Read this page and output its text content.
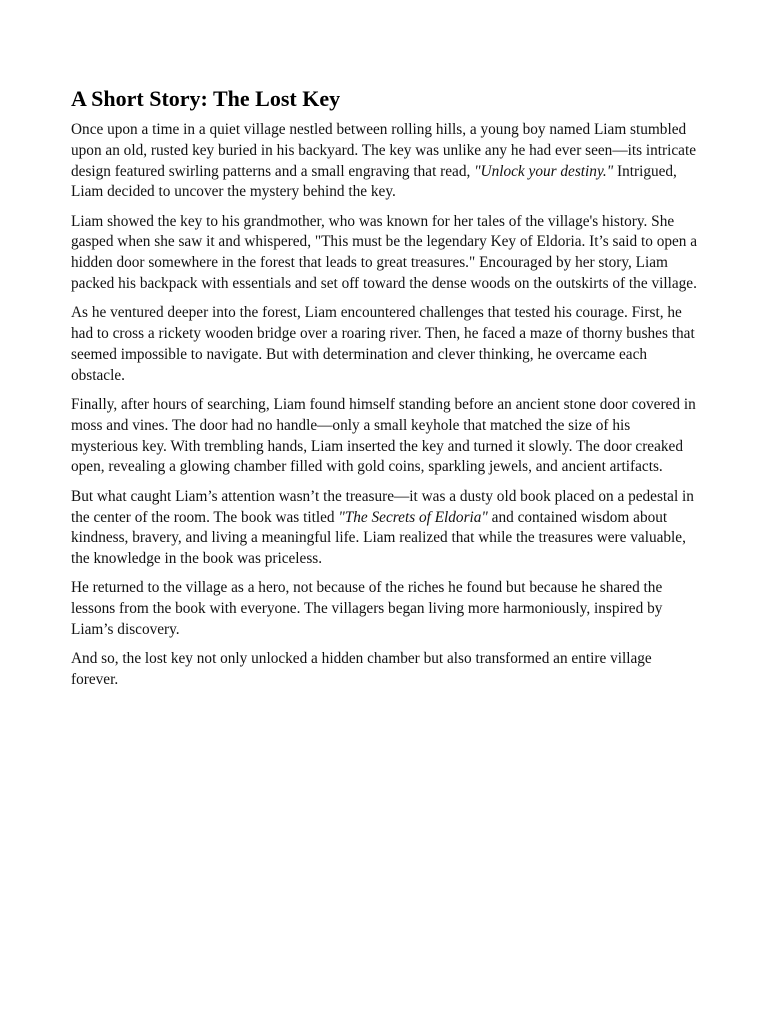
A Short Story: The Lost Key

Once upon a time in a quiet village nestled between rolling hills, a young boy named Liam stumbled upon an old, rusted key buried in his backyard. The key was unlike any he had ever seen—its intricate design featured swirling patterns and a small engraving that read, "Unlock your destiny." Intrigued, Liam decided to uncover the mystery behind the key.

Liam showed the key to his grandmother, who was known for her tales of the village's history. She gasped when she saw it and whispered, "This must be the legendary Key of Eldoria. It’s said to open a hidden door somewhere in the forest that leads to great treasures." Encouraged by her story, Liam packed his backpack with essentials and set off toward the dense woods on the outskirts of the village.

As he ventured deeper into the forest, Liam encountered challenges that tested his courage. First, he had to cross a rickety wooden bridge over a roaring river. Then, he faced a maze of thorny bushes that seemed impossible to navigate. But with determination and clever thinking, he overcame each obstacle.

Finally, after hours of searching, Liam found himself standing before an ancient stone door covered in moss and vines. The door had no handle—only a small keyhole that matched the size of his mysterious key. With trembling hands, Liam inserted the key and turned it slowly. The door creaked open, revealing a glowing chamber filled with gold coins, sparkling jewels, and ancient artifacts.

But what caught Liam’s attention wasn’t the treasure—it was a dusty old book placed on a pedestal in the center of the room. The book was titled "The Secrets of Eldoria" and contained wisdom about kindness, bravery, and living a meaningful life. Liam realized that while the treasures were valuable, the knowledge in the book was priceless.

He returned to the village as a hero, not because of the riches he found but because he shared the lessons from the book with everyone. The villagers began living more harmoniously, inspired by Liam’s discovery.

And so, the lost key not only unlocked a hidden chamber but also transformed an entire village forever.
